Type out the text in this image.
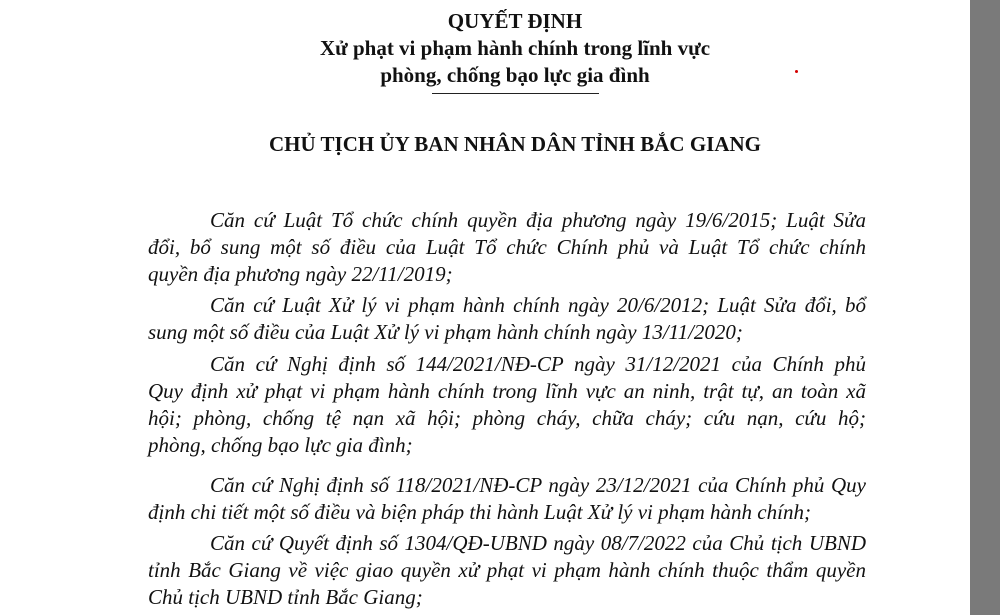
QUYẾT ĐỊNH
Xử phạt vi phạm hành chính trong lĩnh vực
phòng, chống bạo lực gia đình
CHỦ TỊCH ỦY BAN NHÂN DÂN TỈNH BẮC GIANG
Căn cứ Luật Tổ chức chính quyền địa phương ngày 19/6/2015; Luật Sửa
đổi, bổ sung một số điều của Luật Tổ chức Chính phủ và Luật Tổ chức chính
quyền địa phương ngày 22/11/2019;
Căn cứ Luật Xử lý vi phạm hành chính ngày 20/6/2012; Luật Sửa đổi, bổ
sung một số điều của Luật Xử lý vi phạm hành chính ngày 13/11/2020;
Căn cứ Nghị định số 144/2021/NĐ-CP ngày 31/12/2021 của Chính phủ
Quy định xử phạt vi phạm hành chính trong lĩnh vực an ninh, trật tự, an toàn xã
hội; phòng, chống tệ nạn xã hội; phòng cháy, chữa cháy; cứu nạn, cứu hộ;
phòng, chống bạo lực gia đình;
Căn cứ Nghị định số 118/2021/NĐ-CP ngày 23/12/2021 của Chính phủ Quy
định chi tiết một số điều và biện pháp thi hành Luật Xử lý vi phạm hành chính;
Căn cứ Quyết định số 1304/QĐ-UBND ngày 08/7/2022 của Chủ tịch UBND
tỉnh Bắc Giang về việc giao quyền xử phạt vi phạm hành chính thuộc thẩm quyền
Chủ tịch UBND tỉnh Bắc Giang;
